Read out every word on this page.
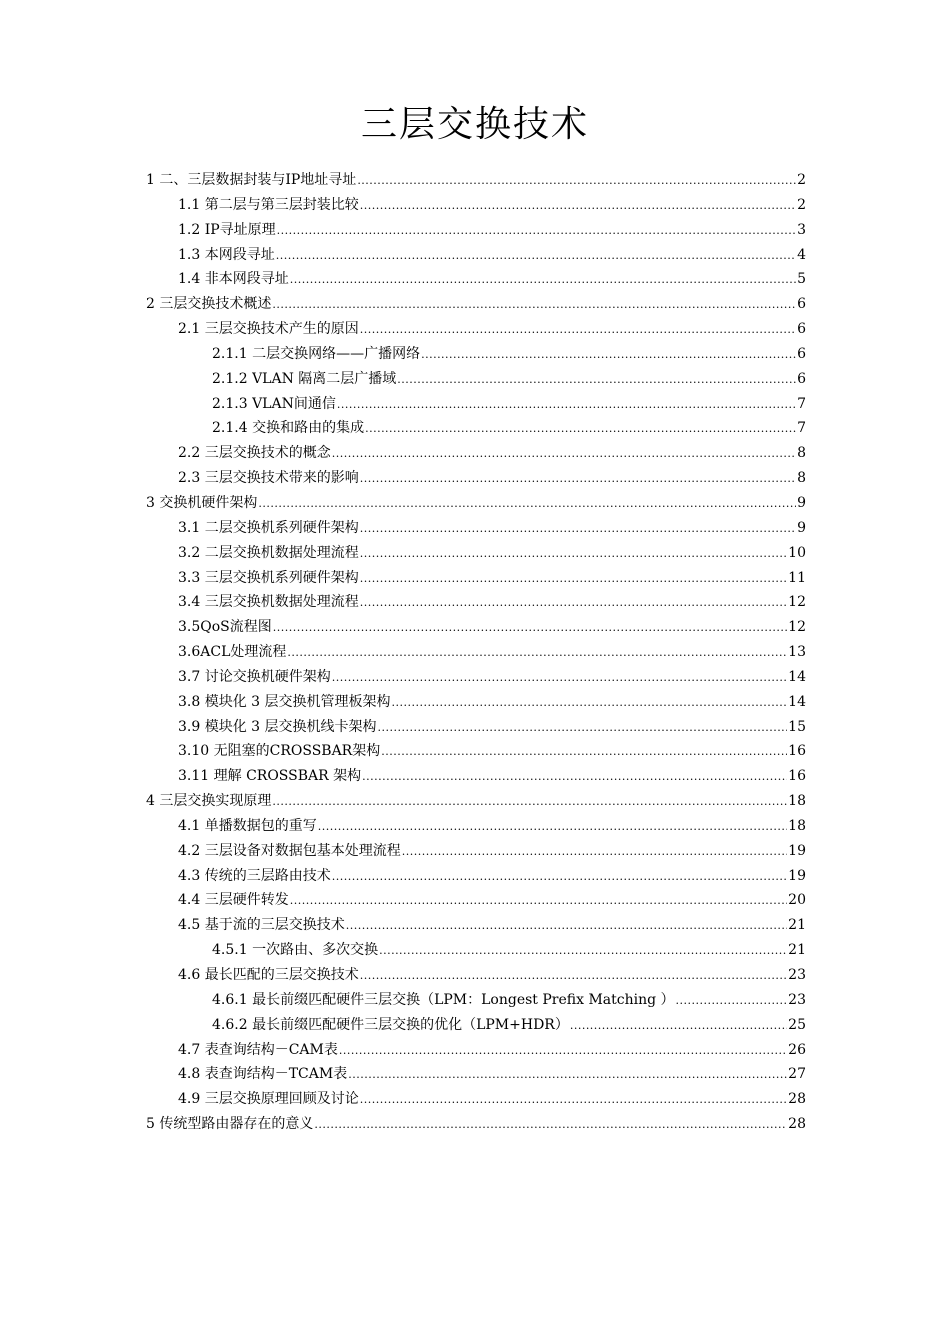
三层交换技术
1 二、三层数据封装与IP地址寻址 .....	2
1.1 第二层与第三层封装比较 .....	2
1.2 IP寻址原理 .....	3
1.3 本网段寻址 .....	4
1.4 非本网段寻址 .....	5
2 三层交换技术概述 .....	6
2.1 三层交换技术产生的原因 .....	6
2.1.1 二层交换网络——广播网络 .....	6
2.1.2 VLAN 隔离二层广播域 .....	6
2.1.3 VLAN间通信 .....	7
2.1.4 交换和路由的集成 .....	7
2.2 三层交换技术的概念 .....	8
2.3 三层交换技术带来的影响 .....	8
3 交换机硬件架构 .....	9
3.1 二层交换机系列硬件架构 .....	9
3.2 二层交换机数据处理流程 .....	10
3.3 三层交换机系列硬件架构 .....	11
3.4 三层交换机数据处理流程 .....	12
3.5QoS流程图 .....	12
3.6ACL处理流程 .....	13
3.7 讨论交换机硬件架构 .....	14
3.8 模块化 3 层交换机管理板架构 .....	14
3.9 模块化 3 层交换机线卡架构 .....	15
3.10 无阻塞的CROSSBAR架构 .....	16
3.11 理解 CROSSBAR 架构 .....	16
4 三层交换实现原理 .....	18
4.1 单播数据包的重写 .....	18
4.2 三层设备对数据包基本处理流程 .....	19
4.3 传统的三层路由技术 .....	19
4.4 三层硬件转发 .....	20
4.5 基于流的三层交换技术 .....	21
4.5.1 一次路由、多次交换 .....	21
4.6 最长匹配的三层交换技术 .....	23
4.6.1 最长前缀匹配硬件三层交换（LPM：Longest Prefix Matching ） .....	23
4.6.2 最长前缀匹配硬件三层交换的优化（LPM+HDR） .....	25
4.7 表查询结构－CAM表 .....	26
4.8 表查询结构－TCAM表 .....	27
4.9 三层交换原理回顾及讨论 .....	28
5 传统型路由器存在的意义 .....	28
